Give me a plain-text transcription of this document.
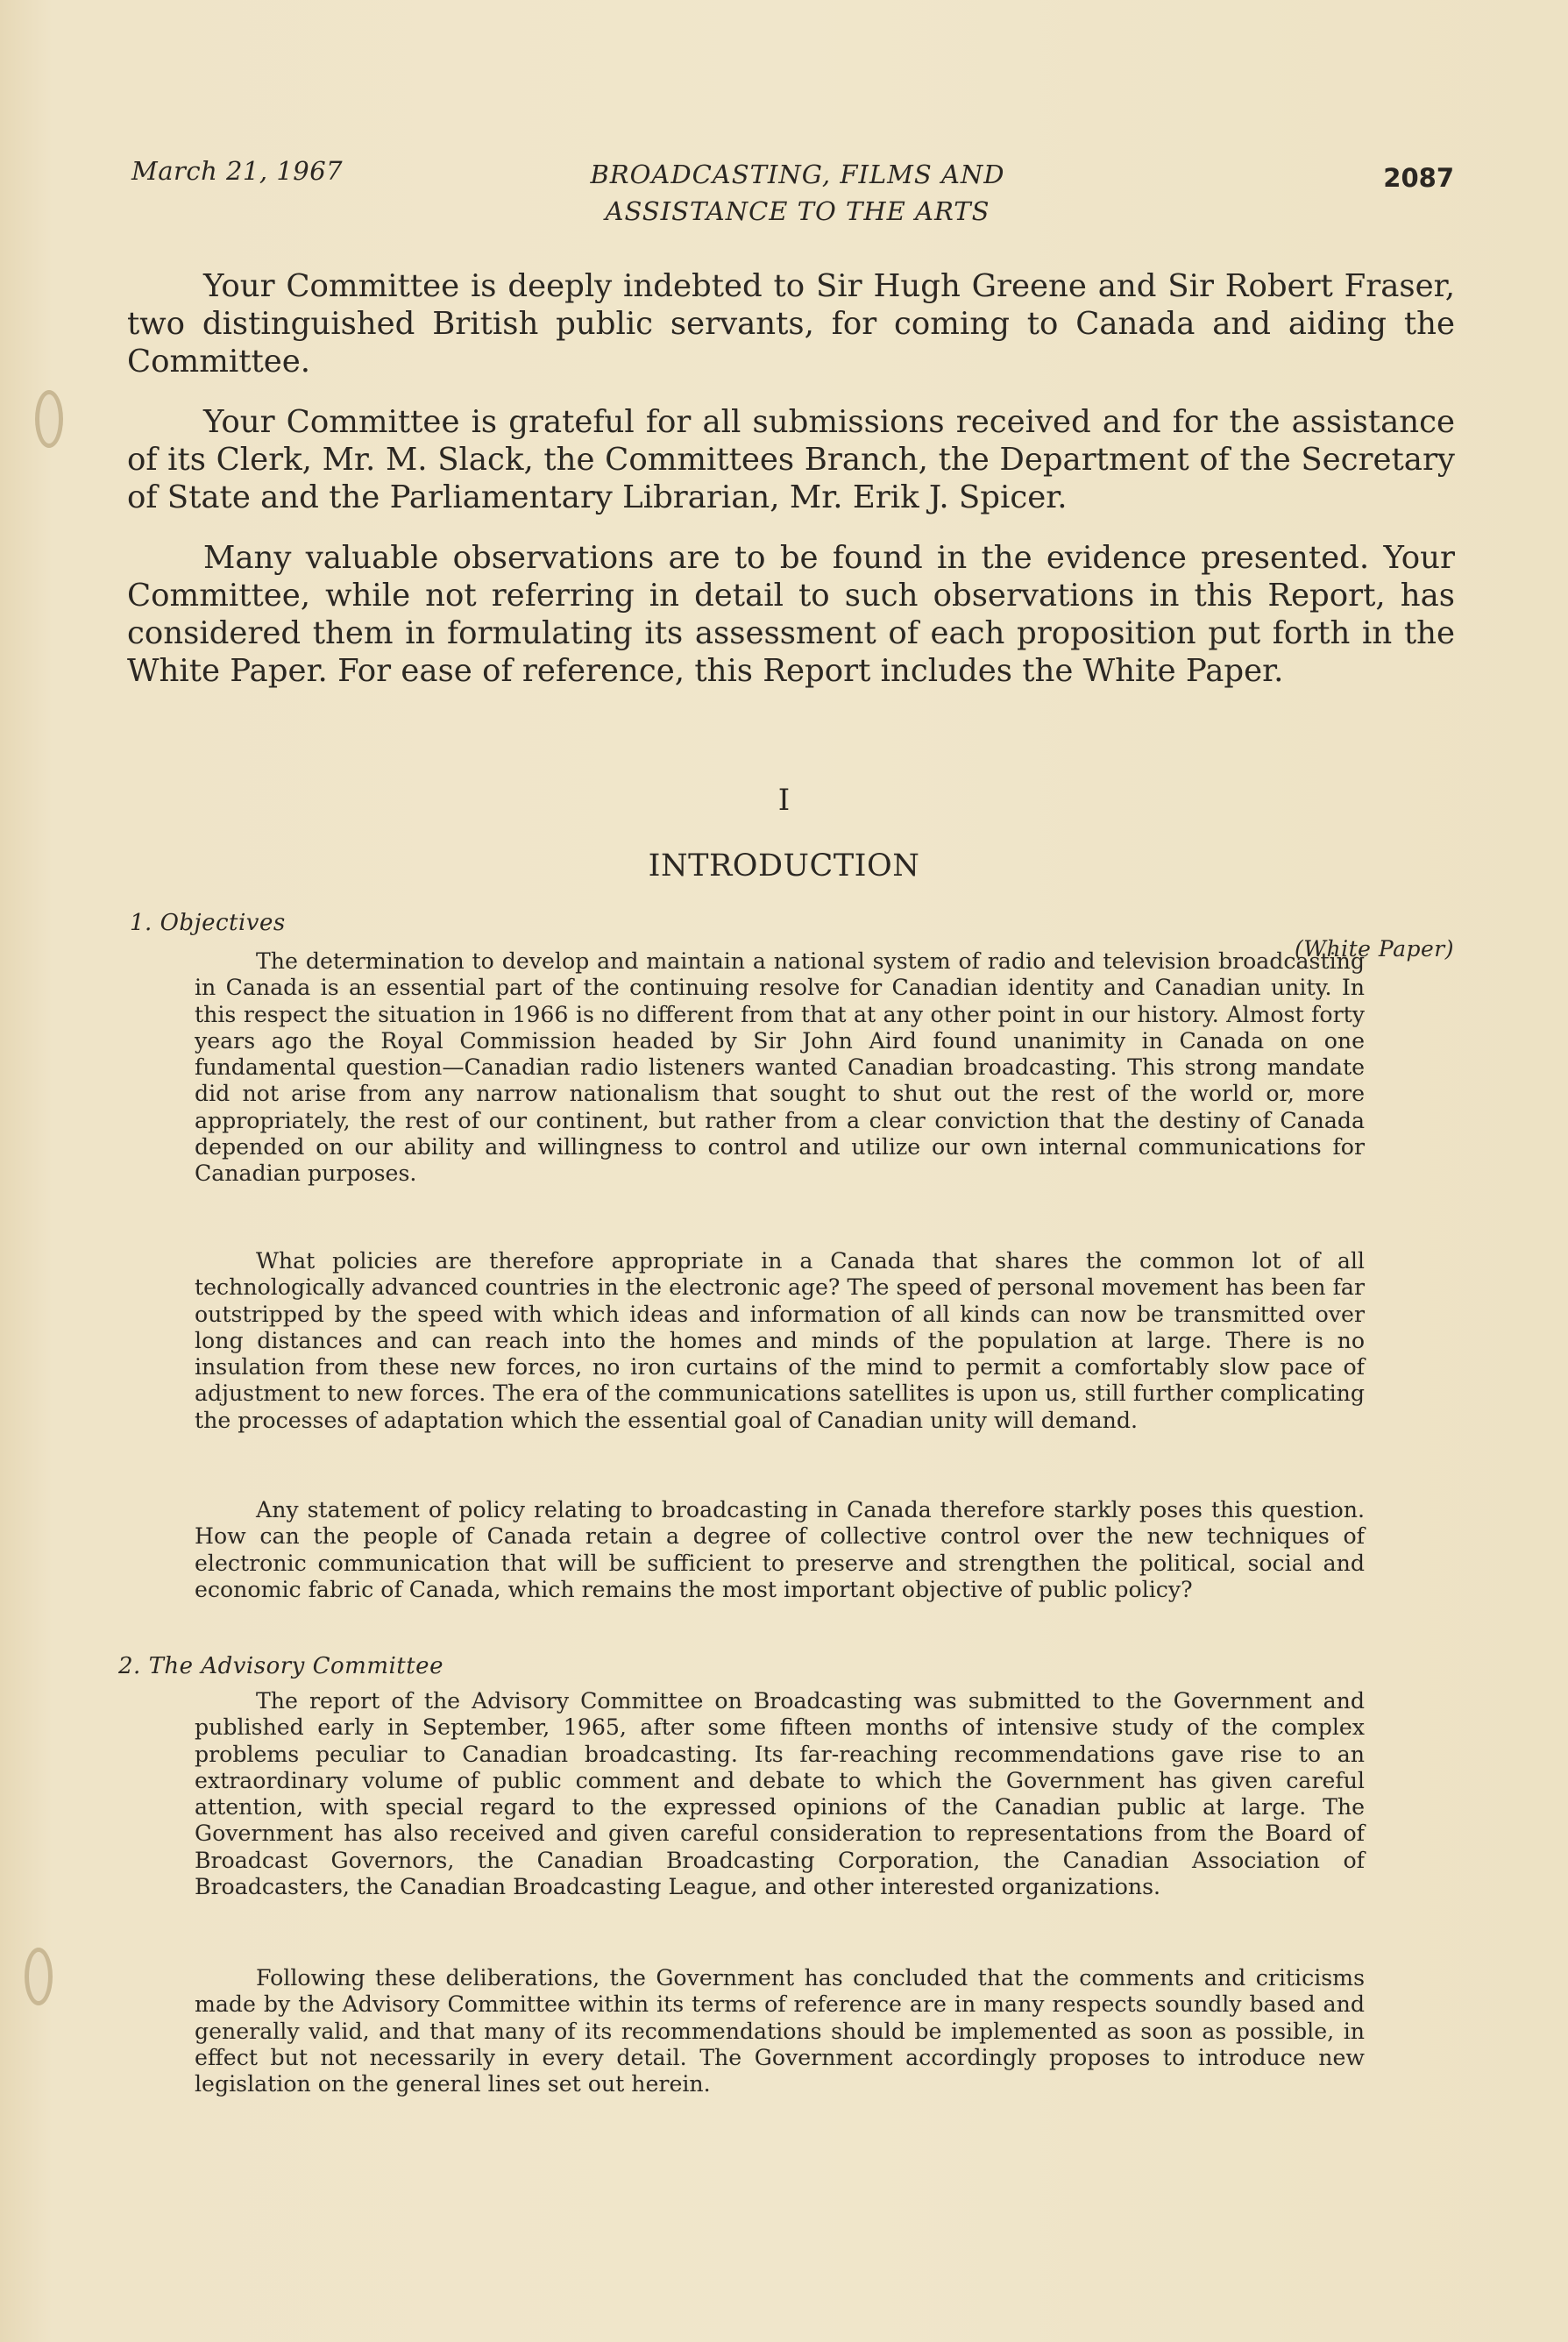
March 21, 1967	BROADCASTING, FILMS AND
ASSISTANCE TO THE ARTS
2087

Your Committee is deeply indebted to Sir Hugh Greene and Sir Robert Fraser, two distinguished British public servants, for coming to Canada and aiding the Committee.

Your Committee is grateful for all submissions received and for the assistance of its Clerk, Mr. M. Slack, the Committees Branch, the Department of the Secretary of State and the Parliamentary Librarian, Mr. Erik J. Spicer.

Many valuable observations are to be found in the evidence presented. Your Committee, while not referring in detail to such observations in this Report, has considered them in formulating its assessment of each proposition put forth in the White Paper. For ease of reference, this Report includes the White Paper.

I
INTRODUCTION
1. Objectives
(White Paper)

The determination to develop and maintain a national system of radio and television broadcasting in Canada is an essential part of the continuing resolve for Canadian identity and Canadian unity. In this respect the situation in 1966 is no different from that at any other point in our history. Almost forty years ago the Royal Commission headed by Sir John Aird found unanimity in Canada on one fundamental question—Canadian radio listeners wanted Canadian broadcasting. This strong mandate did not arise from any narrow nationalism that sought to shut out the rest of the world or, more appropriately, the rest of our continent, but rather from a clear conviction that the destiny of Canada depended on our ability and willingness to control and utilize our own internal communications for Canadian purposes.

What policies are therefore appropriate in a Canada that shares the common lot of all technologically advanced countries in the electronic age? The speed of personal movement has been far outstripped by the speed with which ideas and information of all kinds can now be transmitted over long distances and can reach into the homes and minds of the population at large. There is no insulation from these new forces, no iron curtains of the mind to permit a comfortably slow pace of adjustment to new forces. The era of the communications satellites is upon us, still further complicating the processes of adaptation which the essential goal of Canadian unity will demand.

Any statement of policy relating to broadcasting in Canada therefore starkly poses this question. How can the people of Canada retain a degree of collective control over the new techniques of electronic communication that will be sufficient to preserve and strengthen the political, social and economic fabric of Canada, which remains the most important objective of public policy?

2. The Advisory Committee

The report of the Advisory Committee on Broadcasting was submitted to the Government and published early in September, 1965, after some fifteen months of intensive study of the complex problems peculiar to Canadian broadcasting. Its far-reaching recommendations gave rise to an extraordinary volume of public comment and debate to which the Government has given careful attention, with special regard to the expressed opinions of the Canadian public at large. The Government has also received and given careful consideration to representations from the Board of Broadcast Governors, the Canadian Broadcasting Corporation, the Canadian Association of Broadcasters, the Canadian Broadcasting League, and other interested organizations.

Following these deliberations, the Government has concluded that the comments and criticisms made by the Advisory Committee within its terms of reference are in many respects soundly based and generally valid, and that many of its recommendations should be implemented as soon as possible, in effect but not necessarily in every detail. The Government accordingly proposes to introduce new legislation on the general lines set out herein.
